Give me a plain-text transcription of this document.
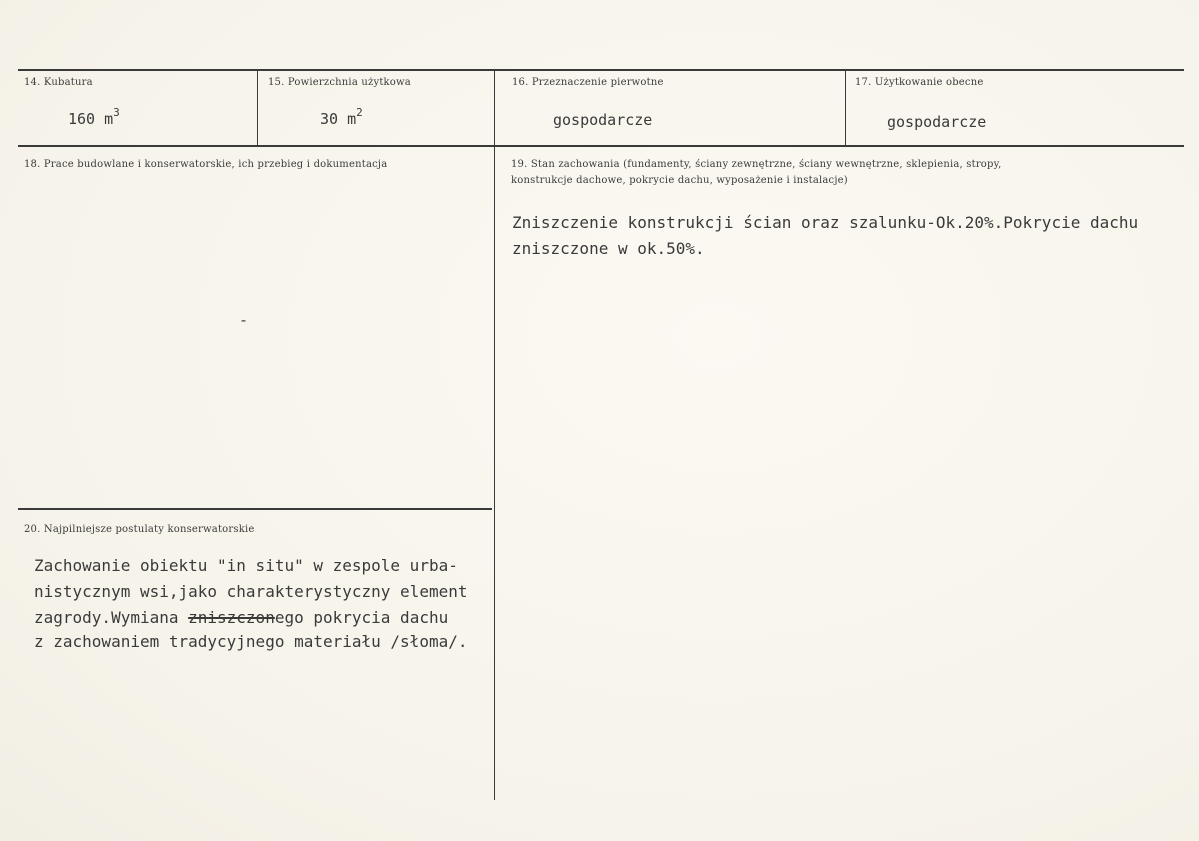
14. Kubatura
160 $m^3$
15. Powierzchnia użytkowa
30 $m^2$
16. Przeznaczenie pierwotne
gospodarcze
17. Użytkowanie obecne
gospodarcze
18. Prace budowlane i konserwatorskie, ich przebieg i dokumentacja
-
19. Stan zachowania (fundamenty, ściany zewnętrzne, ściany wewnętrzne, sklepienia, stropy,
konstrukcje dachowe, pokrycie dachu, wyposażenie i instalacje)
Zniszczenie konstrukcji ścian oraz szalunku-Ok.20%.Pokrycie dachu
zniszczone w ok.50%.
20. Najpilniejsze postulaty konserwatorskie
Zachowanie obiektu "in situ" w zespole urba-
nistycznym wsi,jako charakterystyczny element
zagrody.Wymiana zniszczonego pokrycia dachu
z zachowaniem tradycyjnego materiału /słoma/.
